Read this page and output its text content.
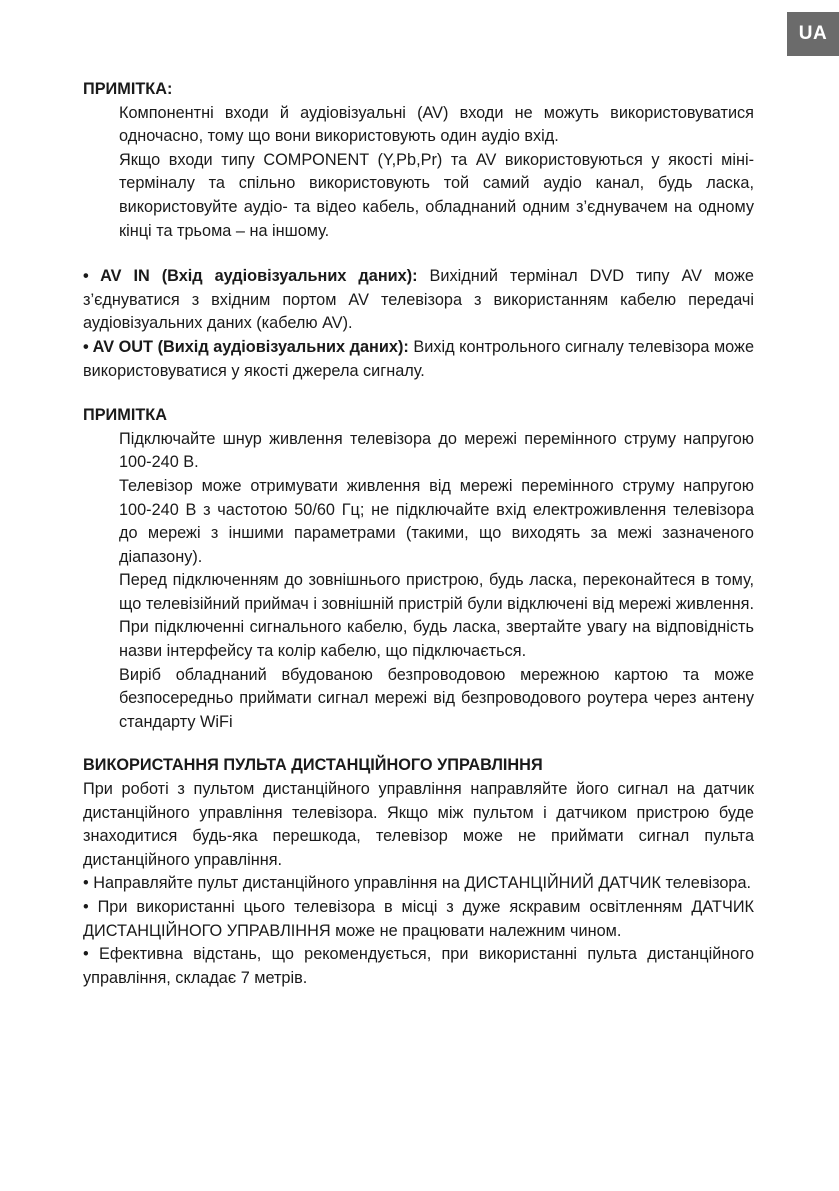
UA

ПРИМІТКА:

Компонентні входи й аудіовізуальні (AV) входи не можуть використовуватися одночасно, тому що вони використовують один аудіо вхід.

Якщо входи типу COMPONENT (Y,Pb,Pr) та AV використовуються у якості міні-терміналу та спільно використовують той самий аудіо канал, будь ласка, використовуйте аудіо- та відео кабель, обладнаний одним з’єднувачем на одному кінці та трьома – на іншому.

• AV IN (Вхід аудіовізуальних даних): Вихідний термінал DVD типу AV може з’єднуватися з вхідним портом AV телевізора з використанням кабелю передачі аудіовізуальних даних (кабелю AV).

• AV OUT (Вихід аудіовізуальних даних): Вихід контрольного сигналу телевізора може використовуватися у якості джерела сигналу.

ПРИМІТКА

Підключайте шнур живлення телевізора до мережі перемінного струму напругою 100-240 В.

Телевізор може отримувати живлення від мережі перемінного струму напругою 100-240 В з частотою 50/60 Гц; не підключайте вхід електроживлення телевізора до мережі з іншими параметрами (такими, що виходять за межі зазначеного діапазону).

Перед підключенням до зовнішнього пристрою, будь ласка, переконайтеся в тому, що телевізійний приймач і зовнішній пристрій були відключені від мережі живлення. При підключенні сигнального кабелю, будь ласка, звертайте увагу на відповідність назви інтерфейсу та колір кабелю, що підключається.

Виріб обладнаний вбудованою безпроводовою мережною картою та може безпосередньо приймати сигнал мережі від безпроводового роутера через антену стандарту WiFi

ВИКОРИСТАННЯ ПУЛЬТА ДИСТАНЦІЙНОГО УПРАВЛІННЯ

При роботі з пультом дистанційного управління направляйте його сигнал на датчик дистанційного управління телевізора. Якщо між пультом і датчиком пристрою буде знаходитися будь-яка перешкода, телевізор може не приймати сигнал пульта дистанційного управління.

• Направляйте пульт дистанційного управління на ДИСТАНЦІЙНИЙ ДАТЧИК телевізора.

• При використанні цього телевізора в місці з дуже яскравим освітленням ДАТЧИК ДИСТАНЦІЙНОГО УПРАВЛІННЯ може не працювати належним чином.

• Ефективна відстань, що рекомендується, при використанні пульта дистанційного управління, складає 7 метрів.
